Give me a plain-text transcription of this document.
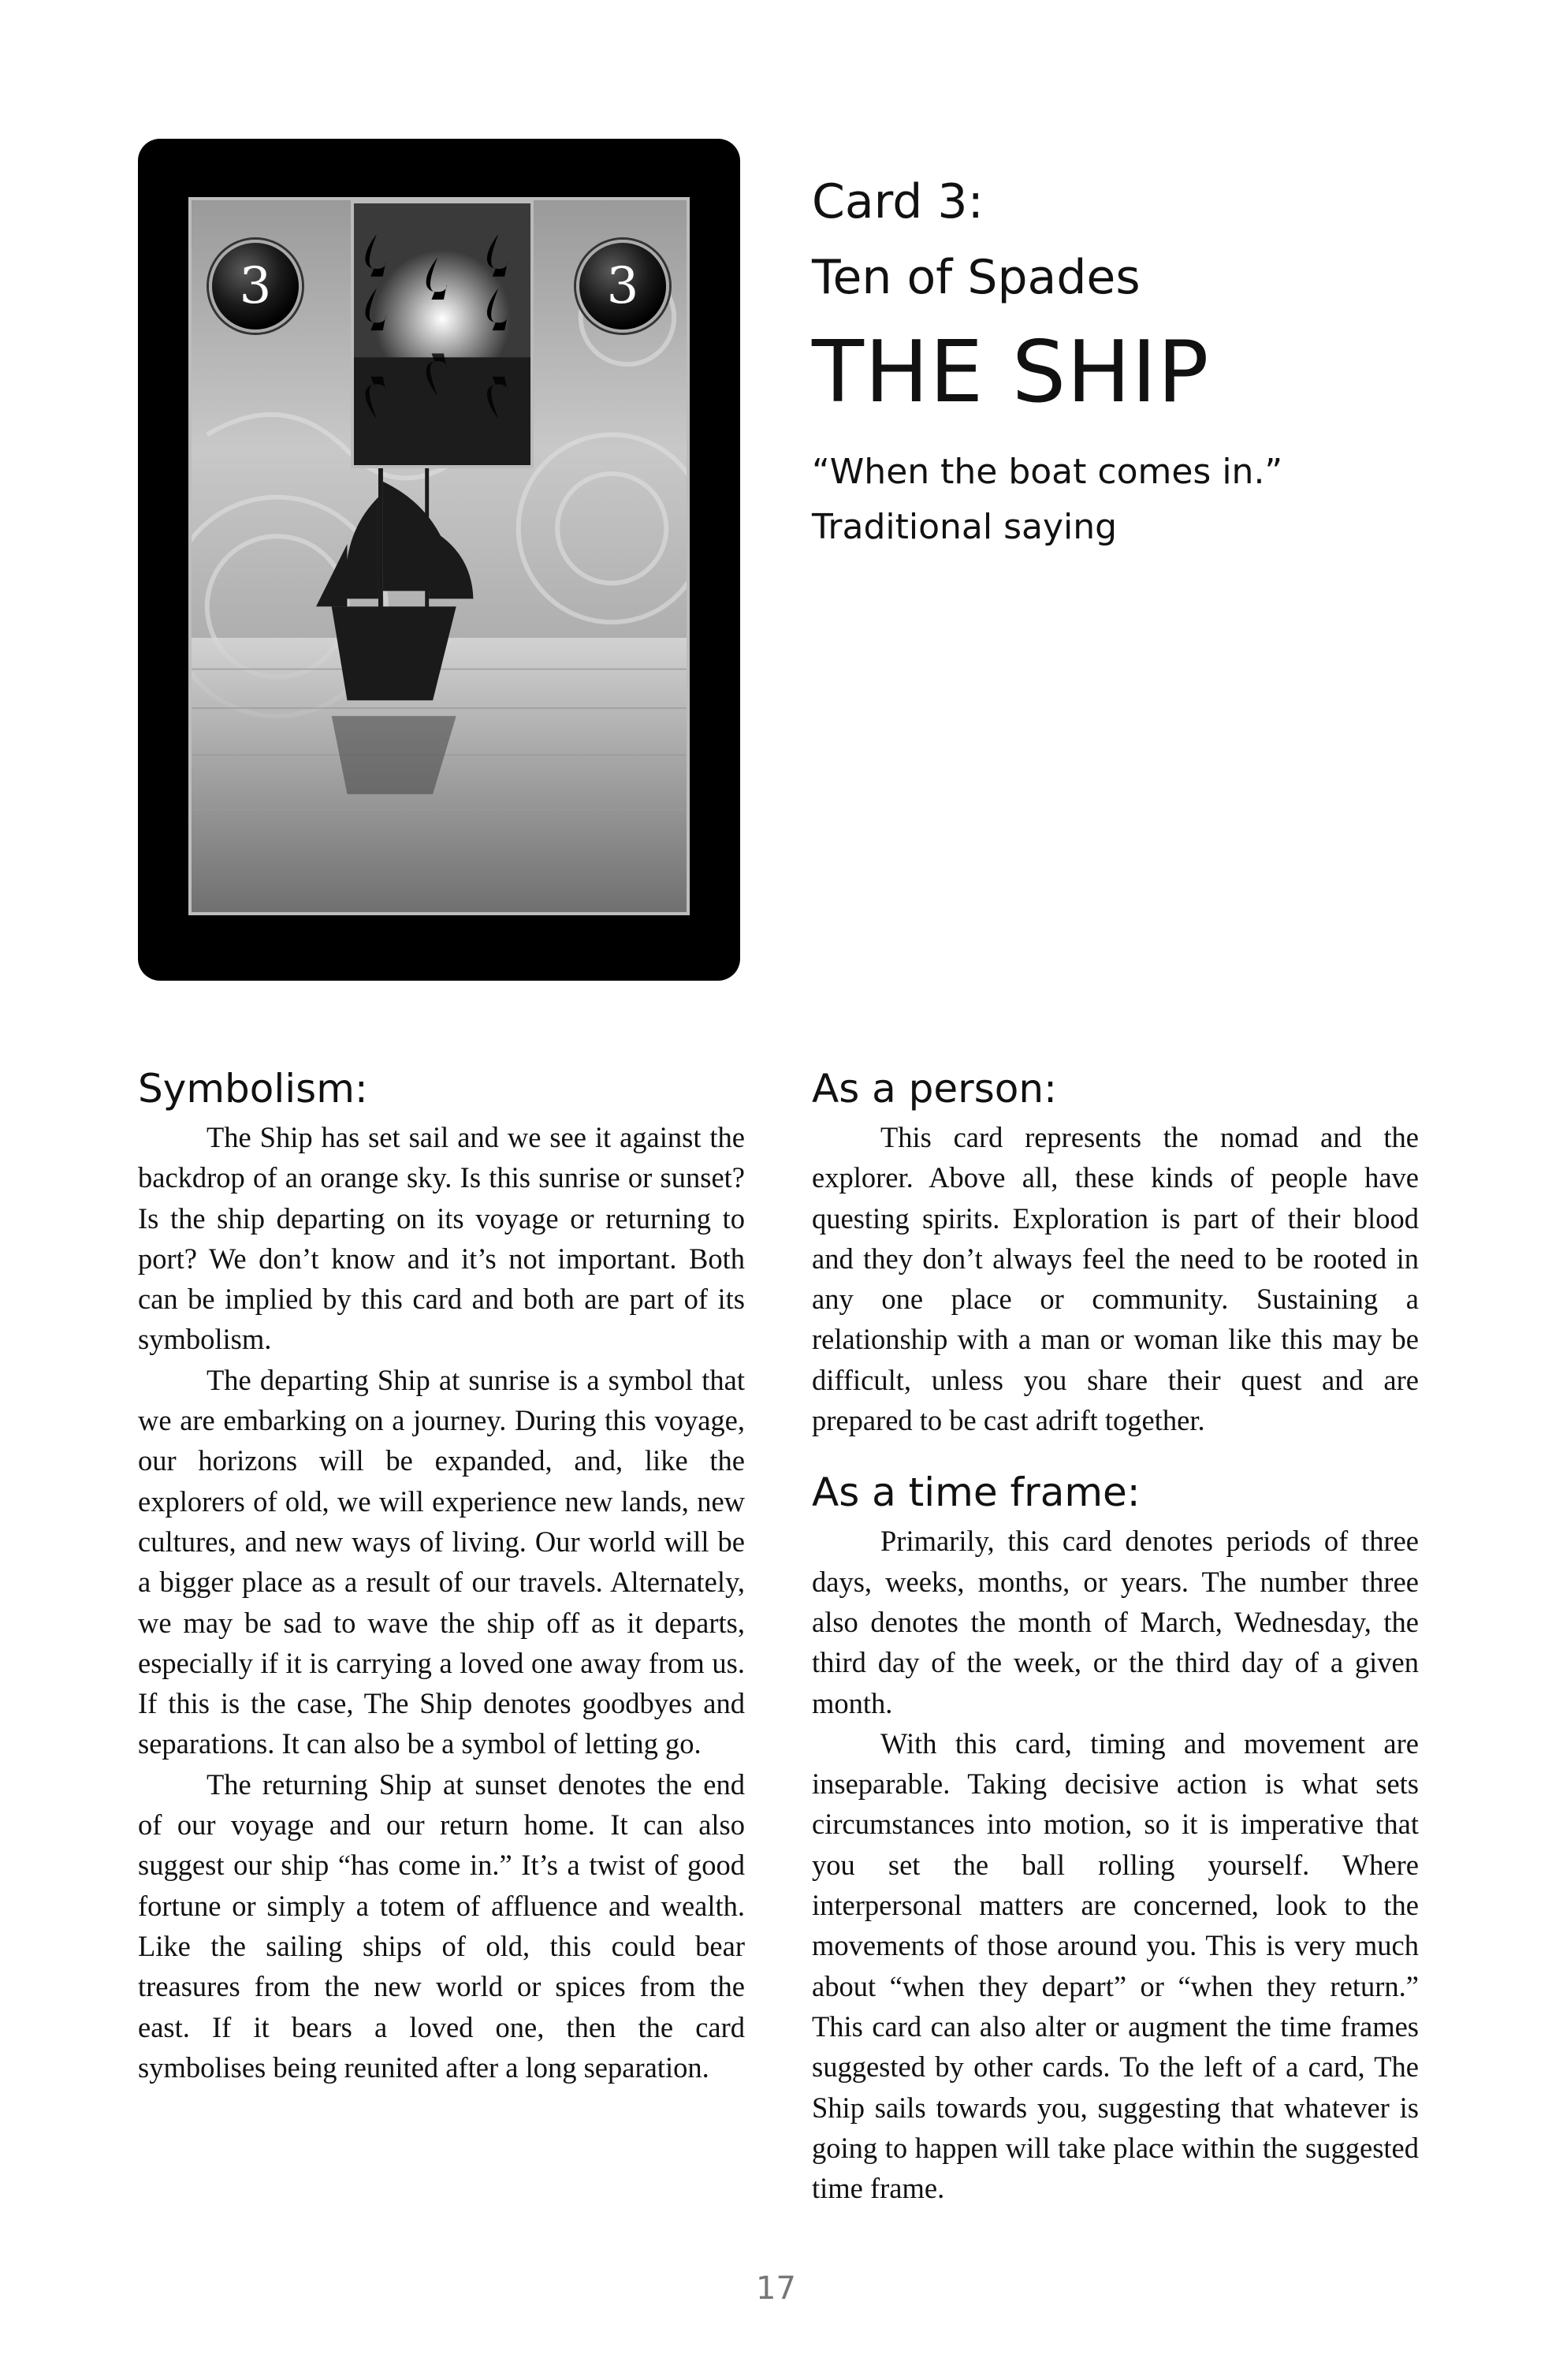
3	3
Card 3:
Ten of Spades
THE SHIP
“When the boat comes in.”
Traditional saying
Symbolism:

The Ship has set sail and we see it against the backdrop of an orange sky. Is this sunrise or sunset? Is the ship departing on its voyage or returning to port? We don’t know and it’s not important. Both can be implied by this card and both are part of its symbolism.

The departing Ship at sunrise is a symbol that we are embarking on a journey. During this voyage, our horizons will be expanded, and, like the explorers of old, we will experience new lands, new cultures, and new ways of living. Our world will be a bigger place as a result of our travels. Alternately, we may be sad to wave the ship off as it departs, especially if it is carrying a loved one away from us. If this is the case, The Ship denotes goodbyes and separations. It can also be a symbol of letting go.

The returning Ship at sunset denotes the end of our voyage and our return home. It can also suggest our ship “has come in.” It’s a twist of good fortune or simply a totem of affluence and wealth. Like the sailing ships of old, this could bear treasures from the new world or spices from the east. If it bears a loved one, then the card symbolises being reunited after a long separation.

As a person:

This card represents the nomad and the explorer. Above all, these kinds of people have questing spirits. Exploration is part of their blood and they don’t always feel the need to be rooted in any one place or community. Sustaining a relationship with a man or woman like this may be difficult, unless you share their quest and are prepared to be cast adrift together.

As a time frame:

Primarily, this card denotes periods of three days, weeks, months, or years. The number three also denotes the month of March, Wednesday, the third day of the week, or the third day of a given month.

With this card, timing and movement are inseparable. Taking decisive action is what sets circumstances into motion, so it is imperative that you set the ball rolling yourself. Where interpersonal matters are concerned, look to the movements of those around you. This is very much about “when they depart” or “when they return.” This card can also alter or augment the time frames suggested by other cards. To the left of a card, The Ship sails towards you, suggesting that whatever is going to happen will take place within the suggested time frame.

17
